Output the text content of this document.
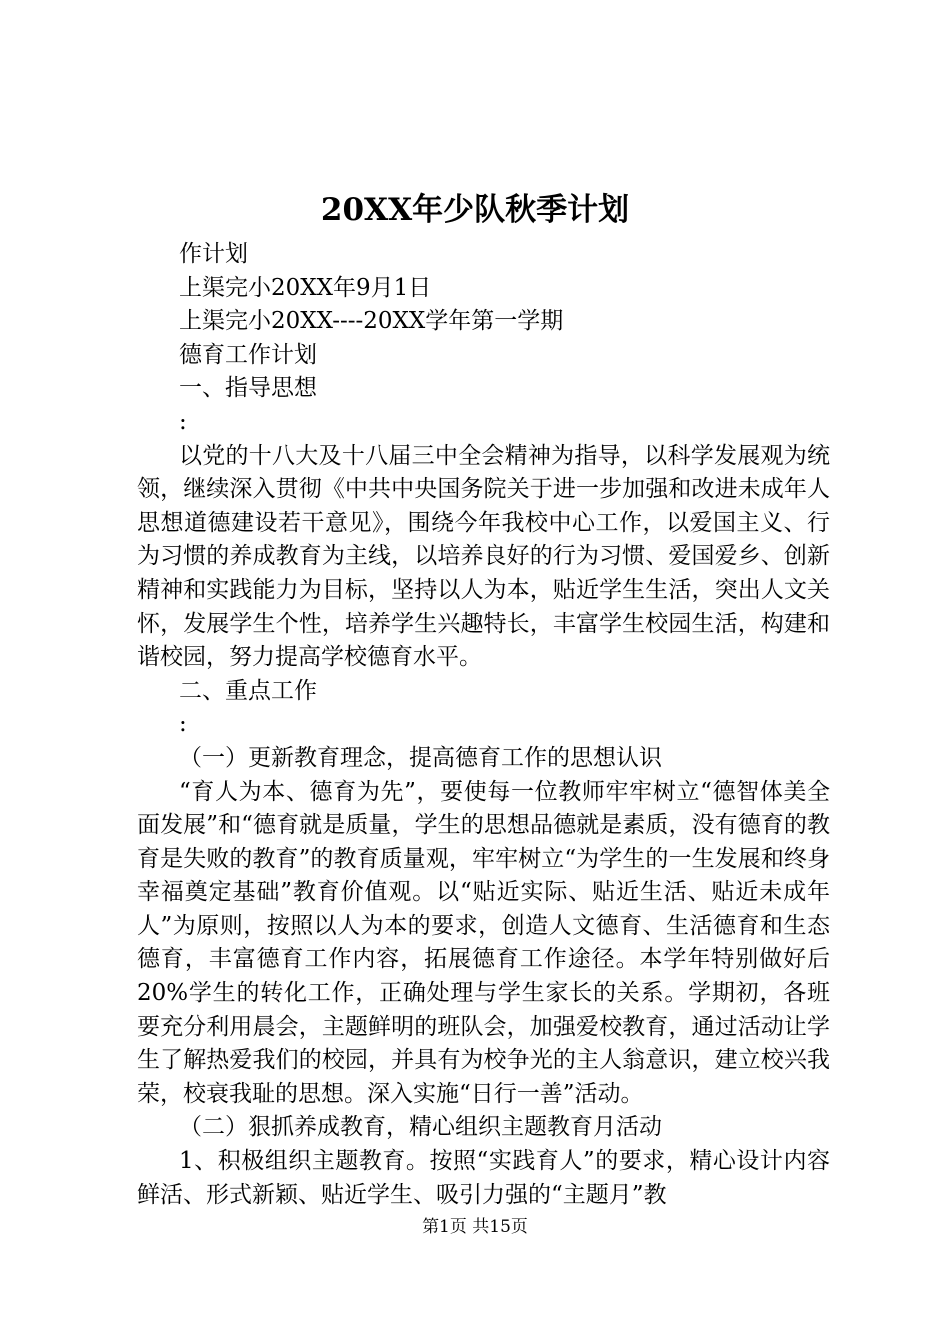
20XX年少队秋季计划
作计划
上渠完小20XX年9月1日
上渠完小20XX----20XX学年第一学期
德育工作计划
一、指导思想
:
以党的十八大及十八届三中全会精神为指导，以科学发展观为统领，继续深入贯彻《中共中央国务院关于进一步加强和改进未成年人思想道德建设若干意见》，围绕今年我校中心工作，以爱国主义、行为习惯的养成教育为主线，以培养良好的行为习惯、爱国爱乡、创新精神和实践能力为目标，坚持以人为本，贴近学生生活，突出人文关怀，发展学生个性，培养学生兴趣特长，丰富学生校园生活，构建和谐校园，努力提高学校德育水平。
二、重点工作
:
（一）更新教育理念，提高德育工作的思想认识
“育人为本、德育为先”，要使每一位教师牢牢树立“德智体美全面发展”和“德育就是质量，学生的思想品德就是素质，没有德育的教育是失败的教育”的教育质量观，牢牢树立“为学生的一生发展和终身幸福奠定基础”教育价值观。以“贴近实际、贴近生活、贴近未成年人”为原则，按照以人为本的要求，创造人文德育、生活德育和生态德育，丰富德育工作内容，拓展德育工作途径。本学年特别做好后20%学生的转化工作，正确处理与学生家长的关系。学期初，各班要充分利用晨会，主题鲜明的班队会，加强爱校教育，通过活动让学生了解热爱我们的校园，并具有为校争光的主人翁意识，建立校兴我荣，校衰我耻的思想。深入实施“日行一善”活动。
（二）狠抓养成教育，精心组织主题教育月活动
1、积极组织主题教育。按照“实践育人”的要求，精心设计内容鲜活、形式新颖、贴近学生、吸引力强的“主题月”教
第1页 共15页
